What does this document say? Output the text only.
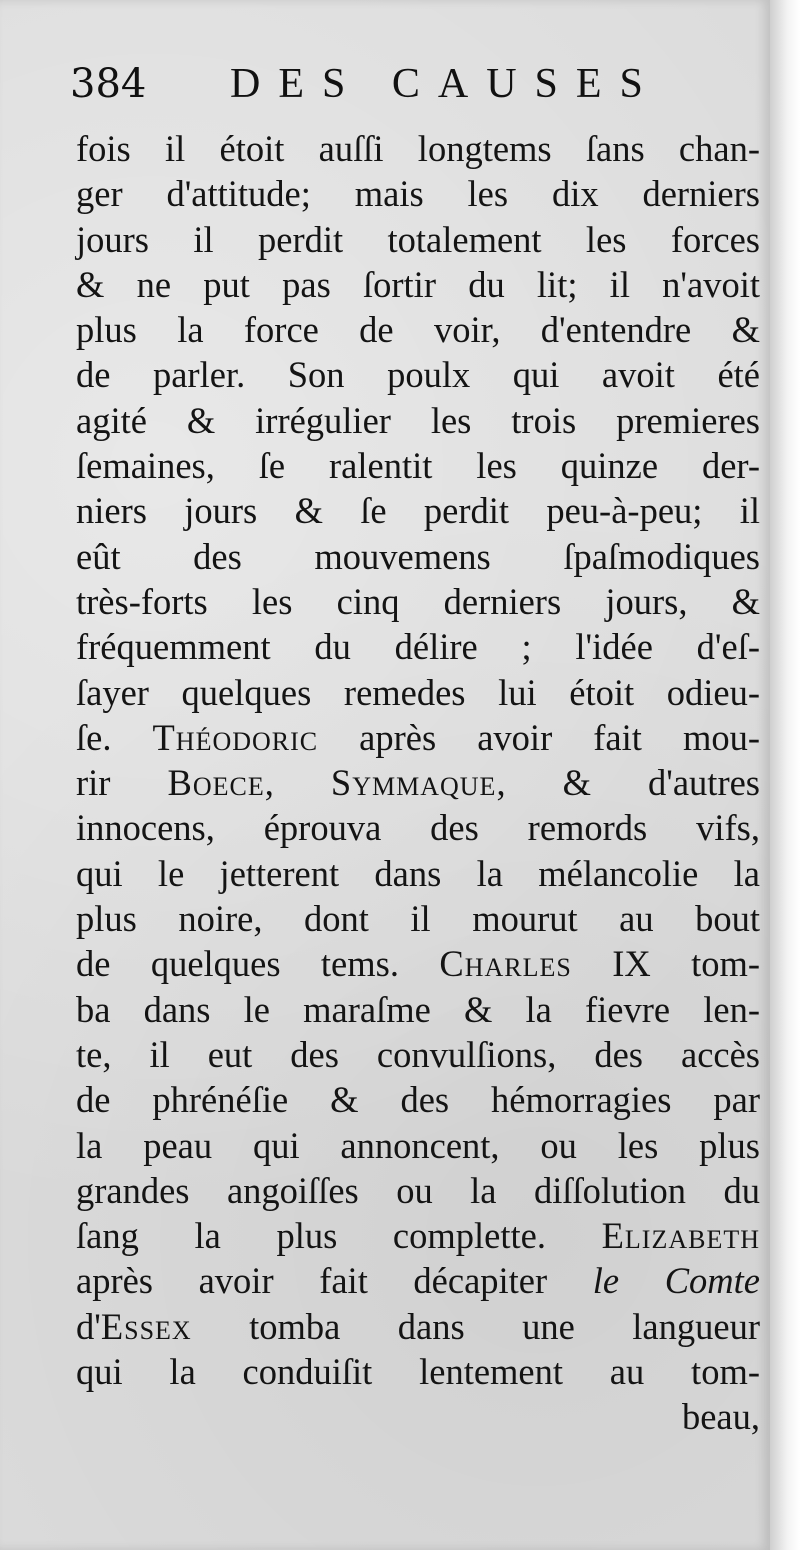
384 DES CAUSES
fois il étoit auſſi longtems ſans chan-
ger d'attitude; mais les dix derniers
jours il perdit totalement les forces
& ne put pas ſortir du lit; il n'avoit
plus la force de voir, d'entendre &
de parler. Son poulx qui avoit été
agité & irrégulier les trois premieres
ſemaines, ſe ralentit les quinze der-
niers jours & ſe perdit peu-à-peu; il
eût des mouvemens ſpaſmodiques
très-forts les cinq derniers jours, &
fréquemment du délire ; l'idée d'eſ-
ſayer quelques remedes lui étoit odieu-
ſe. Théodoric après avoir fait mou-
rir Boece, Symmaque, & d'autres
innocens, éprouva des remords vifs,
qui le jetterent dans la mélancolie la
plus noire, dont il mourut au bout
de quelques tems. Charles IX tom-
ba dans le maraſme & la fievre len-
te, il eut des convulſions, des accès
de phrénéſie & des hémorragies par
la peau qui annoncent, ou les plus
grandes angoiſſes ou la diſſolution du
ſang la plus complette. Elizabeth
après avoir fait décapiter le Comte
d'Essex tomba dans une langueur
qui la conduiſit lentement au tom-
beau,
